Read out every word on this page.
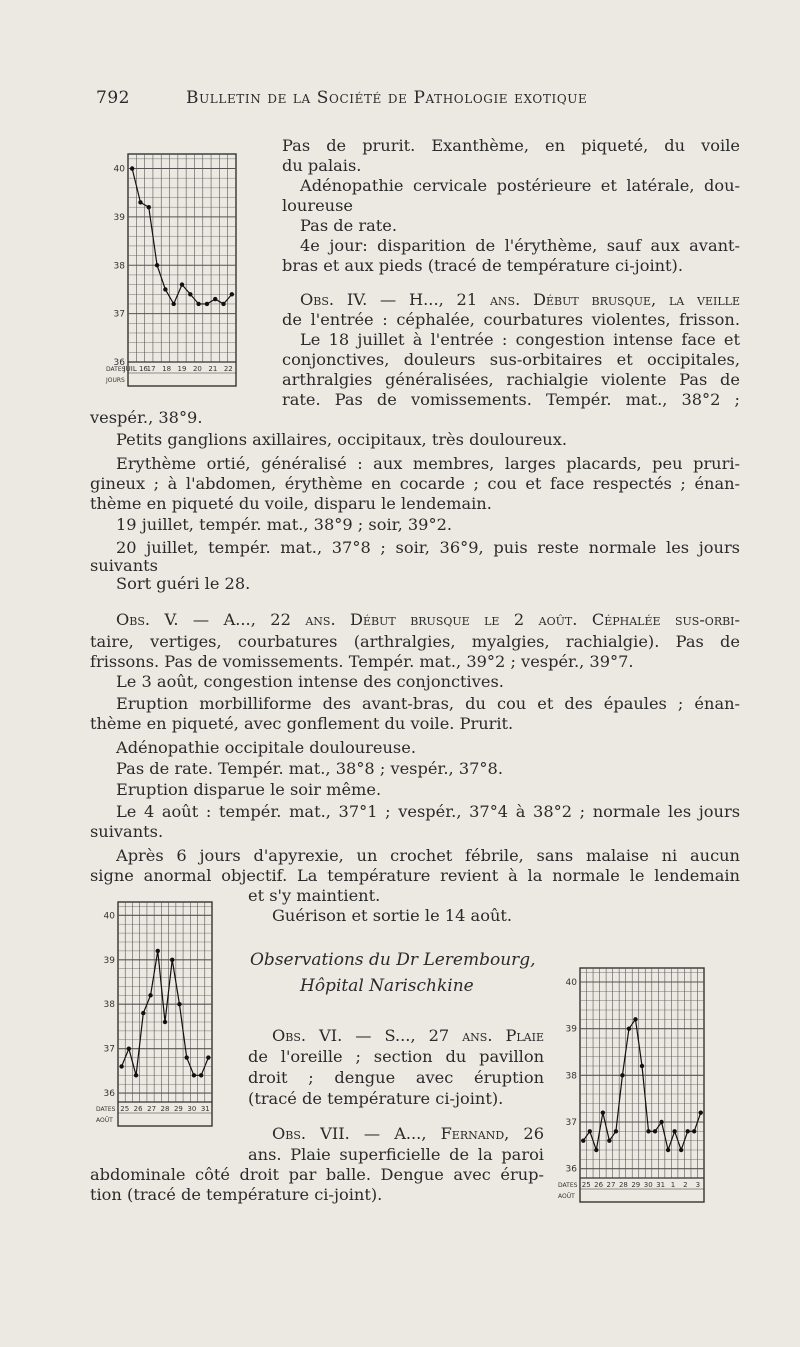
792	Bulletin de la Société de Pathologie exotique
40
39
38
37
36
DATES
JOURS
JUIL 16
17 18 19 20 21 22
Pas de prurit. Exanthème, en piqueté, du voile
du palais.
Adénopathie cervicale postérieure et latérale, dou-
loureuse
Pas de rate.
4e jour: disparition de l'érythème, sauf aux avant-
bras et aux pieds (tracé de température ci-joint).
Obs. IV. — H..., 21 ans. Début brusque, la veille
de l'entrée : céphalée, courbatures violentes, frisson.
Le 18 juillet à l'entrée : congestion intense face et
conjonctives, douleurs sus-orbitaires et occipitales,
arthralgies généralisées, rachialgie violente Pas de
rate. Pas de vomissements. Tempér. mat., 38°2 ;
vespér., 38°9.
Petits ganglions axillaires, occipitaux, très douloureux.
Erythème ortié, généralisé : aux membres, larges placards, peu pruri-
gineux ; à l'abdomen, érythème en cocarde ; cou et face respectés ; énan-
thème en piqueté du voile, disparu le lendemain.
19 juillet, tempér. mat., 38°9 ; soir, 39°2.
20 juillet, tempér. mat., 37°8 ; soir, 36°9, puis reste normale les jours
suivants
Sort guéri le 28.
Obs. V. — A..., 22 ans. Début brusque le 2 août. Céphalée sus-orbi-
taire, vertiges, courbatures (arthralgies, myalgies, rachialgie). Pas de
frissons. Pas de vomissements. Tempér. mat., 39°2 ; vespér., 39°7.
Le 3 août, congestion intense des conjonctives.
Eruption morbilliforme des avant-bras, du cou et des épaules ; énan-
thème en piqueté, avec gonflement du voile. Prurit.
Adénopathie occipitale douloureuse.
Pas de rate. Tempér. mat., 38°8 ; vespér., 37°8.
Eruption disparue le soir même.
Le 4 août : tempér. mat., 37°1 ; vespér., 37°4 à 38°2 ; normale les jours
suivants.
Après 6 jours d'apyrexie, un crochet fébrile, sans malaise ni aucun
signe anormal objectif. La température revient à la normale le lendemain
et s'y maintient.
Guérison et sortie le 14 août.
40
39
38
37
36
DATES
AOÛT
25 26 27 28 29 30 31
Observations du Dr Lerembourg,
Hôpital Narischkine	40
39
38
37
36
DATES
AOÛT
25 26 27 28 29 30 31 1 2 3
Obs. VI. — S..., 27 ans. Plaie
de l'oreille ; section du pavillon
droit ; dengue avec éruption
(tracé de température ci-joint).
Obs. VII. — A..., Fernand, 26
ans. Plaie superficielle de la paroi
abdominale côté droit par balle. Dengue avec érup-
tion (tracé de température ci-joint).
